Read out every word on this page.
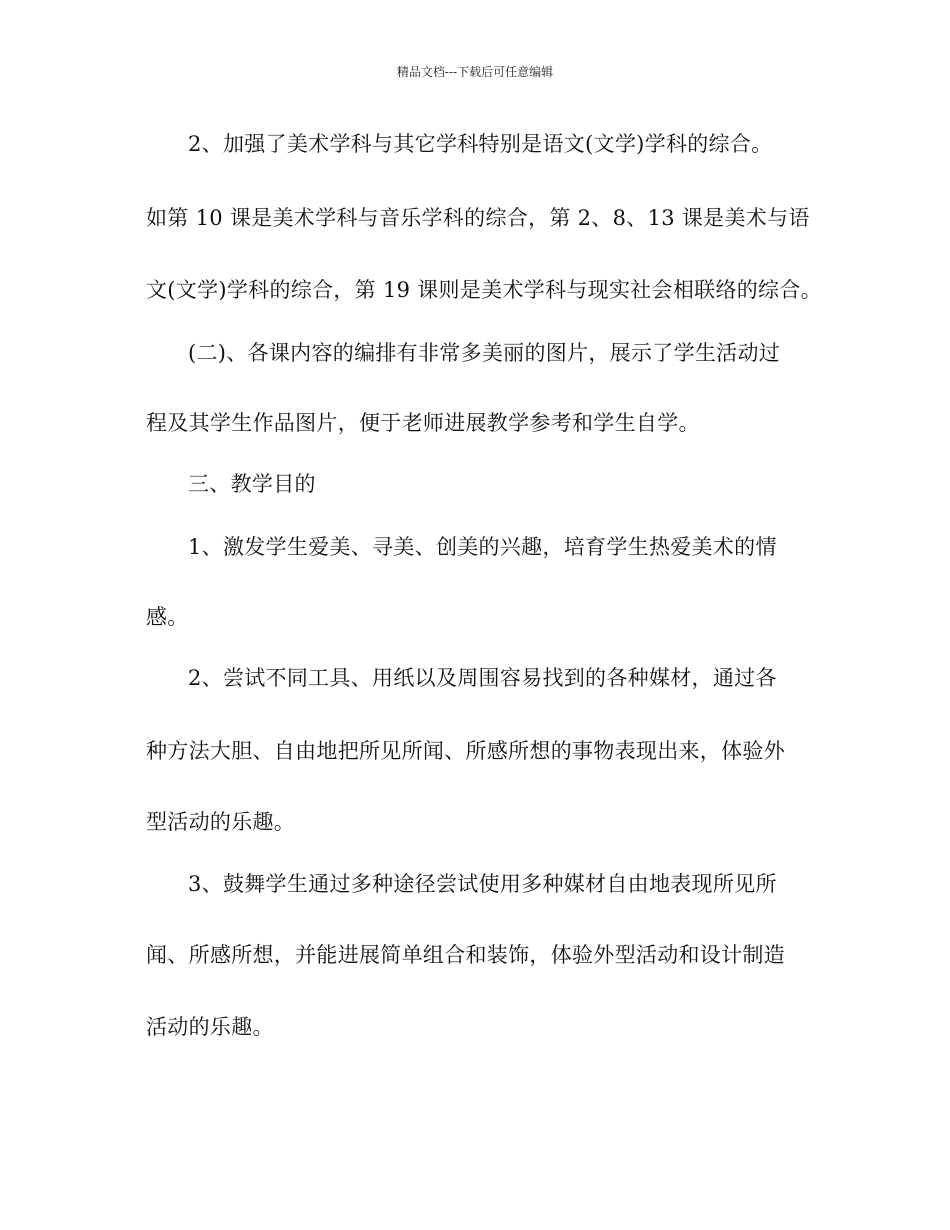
精品文档---下载后可任意编辑
2、加强了美术学科与其它学科特别是语文(文学)学科的综合。
如第 10 课是美术学科与音乐学科的综合，第 2、8、13 课是美术与语
文(文学)学科的综合，第 19 课则是美术学科与现实社会相联络的综合。
(二)、各课内容的编排有非常多美丽的图片，展示了学生活动过
程及其学生作品图片，便于老师进展教学参考和学生自学。
三、教学目的
1、激发学生爱美、寻美、创美的兴趣，培育学生热爱美术的情
感。
2、尝试不同工具、用纸以及周围容易找到的各种媒材，通过各
种方法大胆、自由地把所见所闻、所感所想的事物表现出来，体验外
型活动的乐趣。
3、鼓舞学生通过多种途径尝试使用多种媒材自由地表现所见所
闻、所感所想，并能进展简单组合和装饰，体验外型活动和设计制造
活动的乐趣。
